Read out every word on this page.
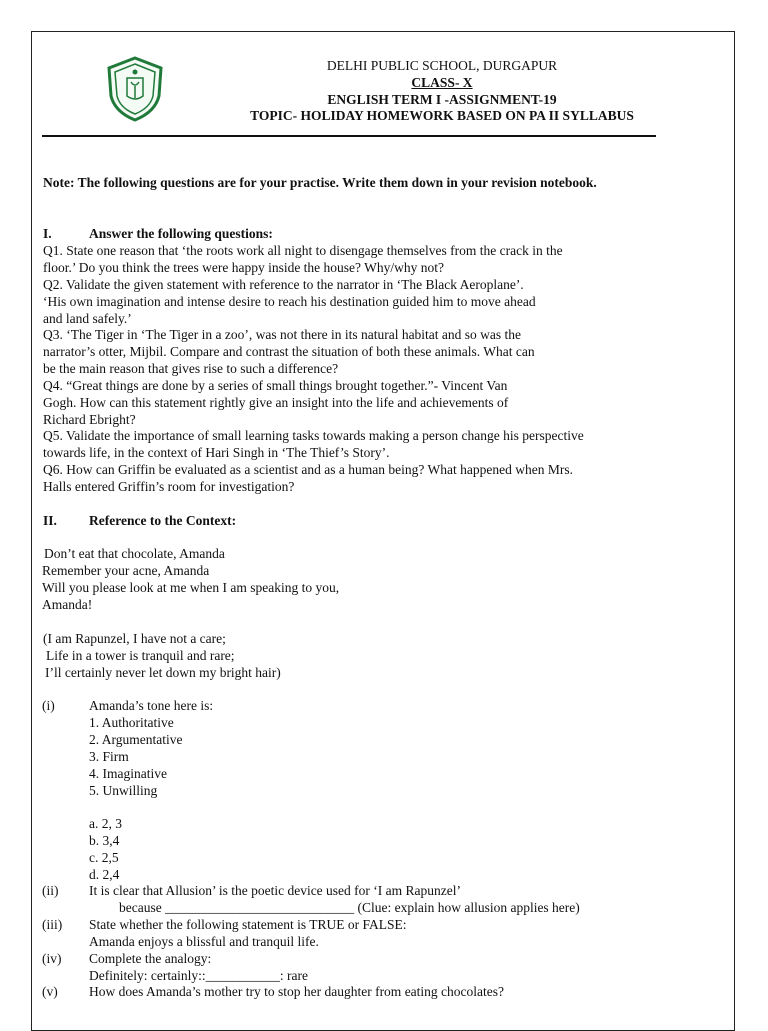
DELHI PUBLIC SCHOOL, DURGAPUR
CLASS- X
ENGLISH TERM I -ASSIGNMENT-19
TOPIC- HOLIDAY HOMEWORK BASED ON PA II SYLLABUS
Note: The following questions are for your practise. Write them down in your revision notebook.
I.	Answer the following questions:
Q1. State one reason that ‘the roots work all night to disengage themselves from the crack in the
floor.’ Do you think the trees were happy inside the house? Why/why not?
Q2. Validate the given statement with reference to the narrator in ‘The Black Aeroplane’.
‘His own imagination and intense desire to reach his destination guided him to move ahead
and land safely.’
Q3. ‘The Tiger in ‘The Tiger in a zoo’, was not there in its natural habitat and so was the
narrator’s otter, Mijbil. Compare and contrast the situation of both these animals. What can
be the main reason that gives rise to such a difference?
Q4. “Great things are done by a series of small things brought together.”- Vincent Van
Gogh. How can this statement rightly give an insight into the life and achievements of
Richard Ebright?
Q5. Validate the importance of small learning tasks towards making a person change his perspective
towards life, in the context of Hari Singh in ‘The Thief’s Story’.
Q6. How can Griffin be evaluated as a scientist and as a human being? What happened when Mrs.
Halls entered Griffin’s room for investigation?
II. Reference to the Context:
Don’t eat that chocolate, Amanda
Remember your acne, Amanda
Will you please look at me when I am speaking to you,
Amanda!
(I am Rapunzel, I have not a care;
Life in a tower is tranquil and rare;
I’ll certainly never let down my bright hair)
(i)	Amanda’s tone here is:
1. Authoritative
2. Argumentative
3. Firm
4. Imaginative
5. Unwilling
a. 2, 3
b. 3,4
c. 2,5
d. 2,4
(ii) It is clear that Allusion’ is the poetic device used for ‘I am Rapunzel’
because ____________________________ (Clue: explain how allusion applies here)
(iii) State whether the following statement is TRUE or FALSE:
Amanda enjoys a blissful and tranquil life.
(iv) Complete the analogy:
Definitely: certainly::___________: rare
(v) How does Amanda’s mother try to stop her daughter from eating chocolates?
